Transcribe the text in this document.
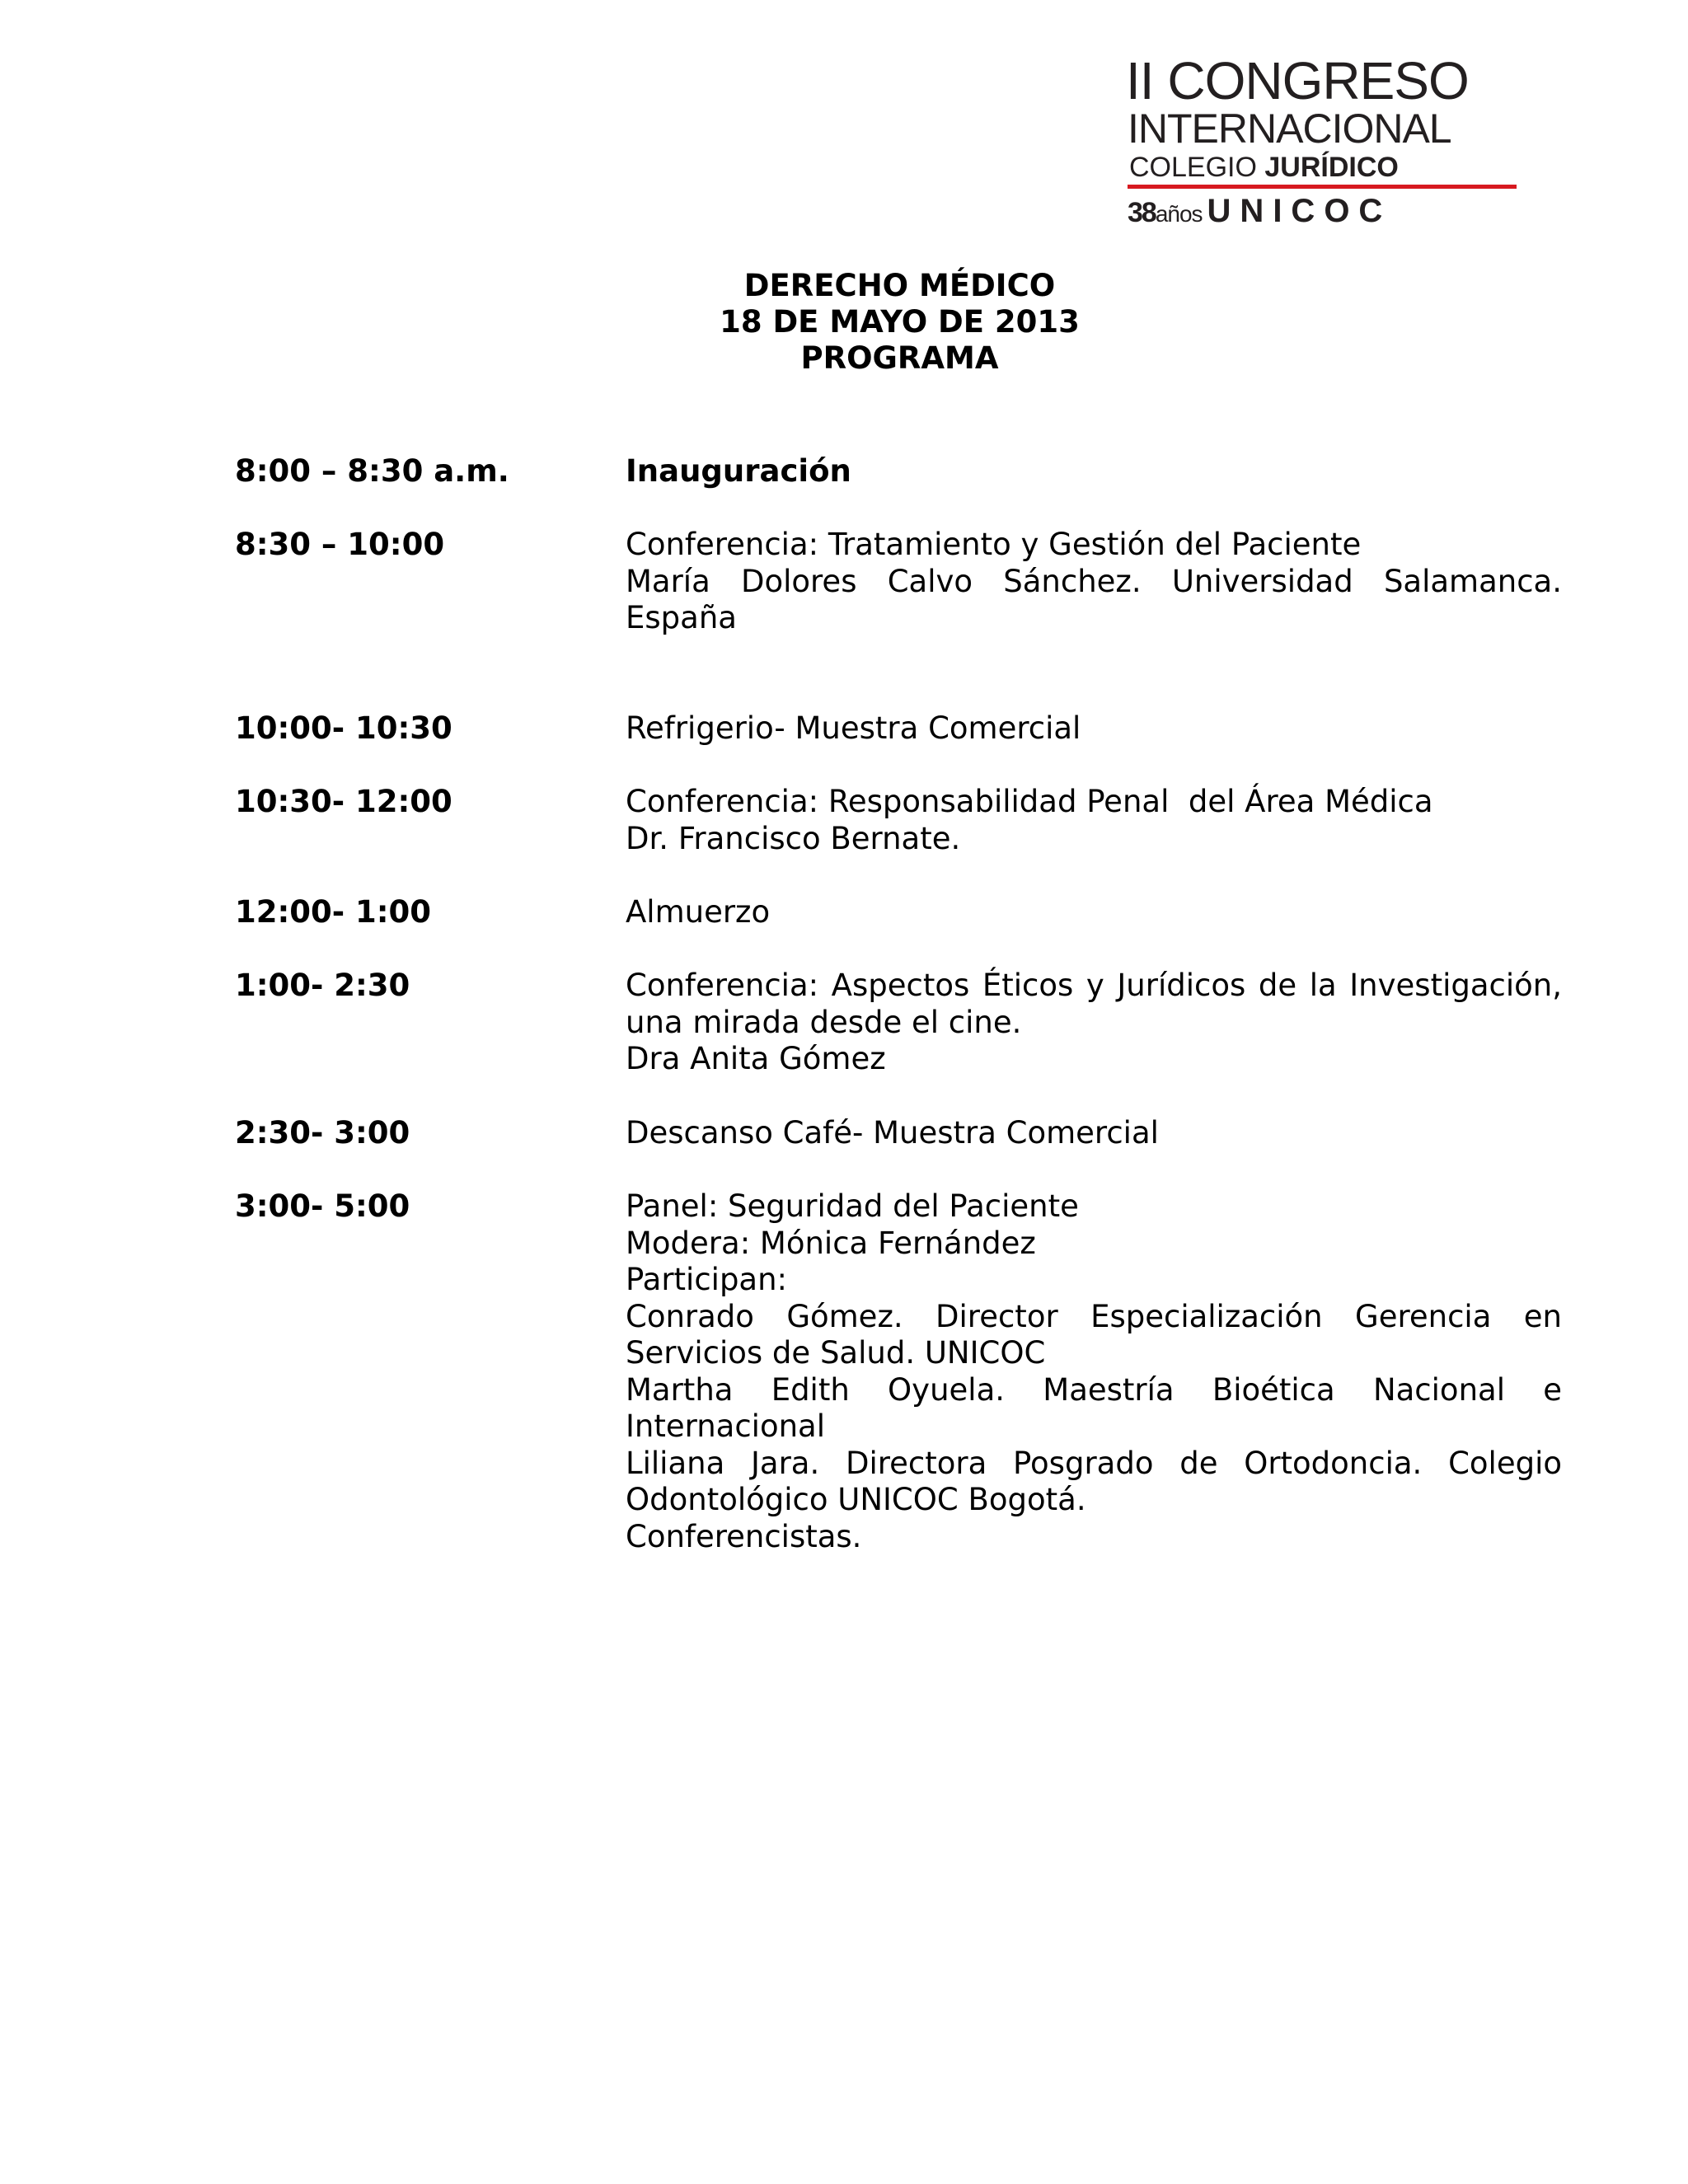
II CONGRESO
INTERNACIONAL
COLEGIO JURÍDICO
38años UNICOC
DERECHO MÉDICO
18 DE MAYO DE 2013
PROGRAMA
8:00 – 8:30 a.m.	Inauguración
8:30 – 10:00	Conferencia: Tratamiento y Gestión del Paciente
María Dolores Calvo Sánchez. Universidad Salamanca.
España
10:00- 10:30	Refrigerio- Muestra Comercial
10:30- 12:00	Conferencia: Responsabilidad Penal  del Área Médica
Dr. Francisco Bernate.
12:00- 1:00	Almuerzo
1:00- 2:30	Conferencia: Aspectos Éticos y Jurídicos de la Investigación,
una mirada desde el cine.
Dra Anita Gómez
2:30- 3:00	Descanso Café- Muestra Comercial
3:00- 5:00	Panel: Seguridad del Paciente
Modera: Mónica Fernández
Participan:
Conrado Gómez. Director Especialización Gerencia en
Servicios de Salud. UNICOC
Martha Edith Oyuela. Maestría Bioética Nacional e
Internacional
Liliana Jara. Directora Posgrado de Ortodoncia. Colegio
Odontológico UNICOC Bogotá.
Conferencistas.
